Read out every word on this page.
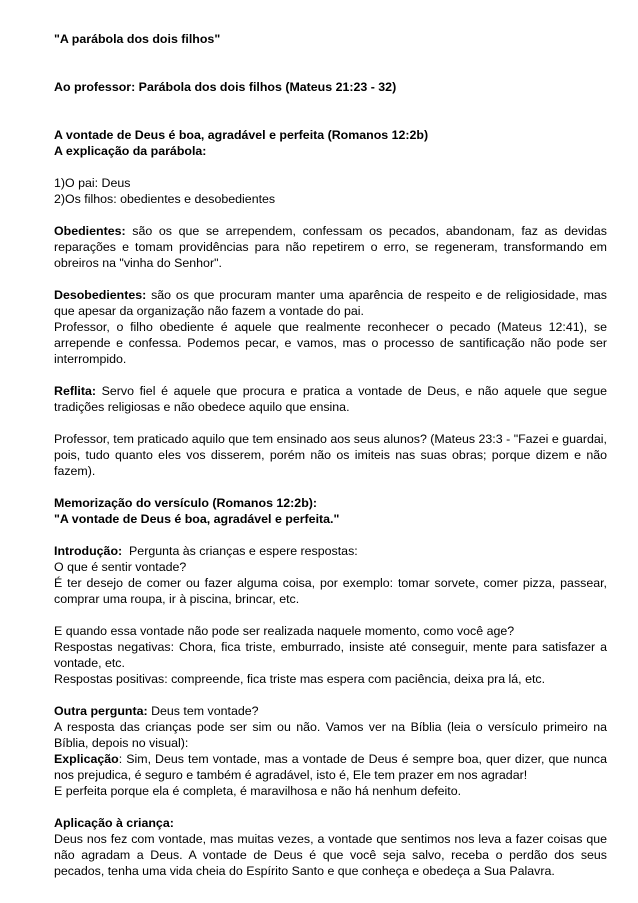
"A parábola dos dois filhos"

Ao professor: Parábola dos dois filhos (Mateus 21:23 - 32)

A vontade de Deus é boa, agradável e perfeita (Romanos 12:2b)

A explicação da parábola:

1)O pai: Deus

2)Os filhos: obedientes e desobedientes

Obedientes: são os que se arrependem, confessam os pecados, abandonam, faz as devidas reparações e tomam providências para não repetirem o erro, se regeneram, transformando em obreiros na "vinha do Senhor".

Desobedientes: são os que procuram manter uma aparência de respeito e de religiosidade, mas que apesar da organização não fazem a vontade do pai.

Professor, o filho obediente é aquele que realmente reconhecer o pecado (Mateus 12:41), se arrepende e confessa. Podemos pecar, e vamos, mas o processo de santificação não pode ser interrompido.

Reflita: Servo fiel é aquele que procura e pratica a vontade de Deus, e não aquele que segue tradições religiosas e não obedece aquilo que ensina.

Professor, tem praticado aquilo que tem ensinado aos seus alunos? (Mateus 23:3 - "Fazei e guardai, pois, tudo quanto eles vos disserem, porém não os imiteis nas suas obras; porque dizem e não fazem).

Memorização do versículo (Romanos 12:2b):

"A vontade de Deus é boa, agradável e perfeita."

Introdução:  Pergunta às crianças e espere respostas:

O que é sentir vontade?

É ter desejo de comer ou fazer alguma coisa, por exemplo: tomar sorvete, comer pizza, passear, comprar uma roupa, ir à piscina, brincar, etc.

E quando essa vontade não pode ser realizada naquele momento, como você age?

Respostas negativas: Chora, fica triste, emburrado, insiste até conseguir, mente para satisfazer a vontade, etc.

Respostas positivas: compreende, fica triste mas espera com paciência, deixa pra lá, etc.

Outra pergunta: Deus tem vontade?

A resposta das crianças pode ser sim ou não. Vamos ver na Bíblia (leia o versículo primeiro na Bíblia, depois no visual):

Explicação: Sim, Deus tem vontade, mas a vontade de Deus é sempre boa, quer dizer, que nunca nos prejudica, é seguro e também é agradável, isto é, Ele tem prazer em nos agradar!

E perfeita porque ela é completa, é maravilhosa e não há nenhum defeito.

Aplicação à criança:

Deus nos fez com vontade, mas muitas vezes, a vontade que sentimos nos leva a fazer coisas que não agradam a Deus. A vontade de Deus é que você seja salvo, receba o perdão dos seus pecados, tenha uma vida cheia do Espírito Santo e que conheça e obedeça a Sua Palavra.
